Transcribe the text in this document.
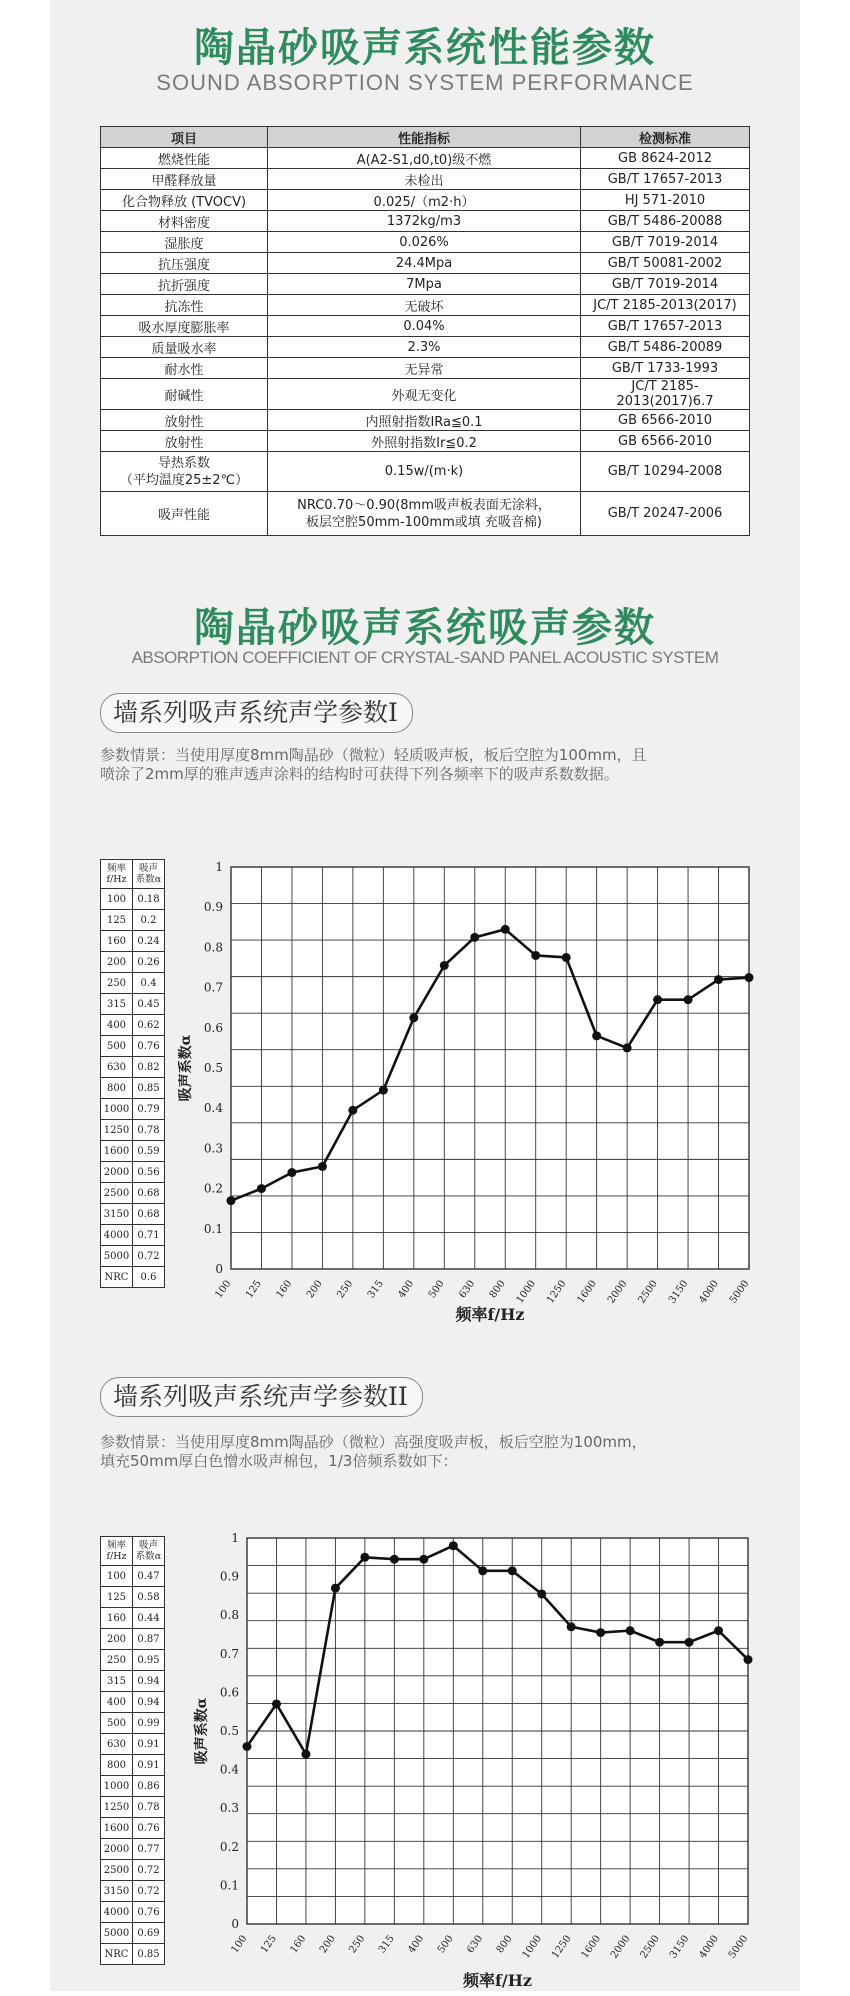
陶晶砂吸声系统性能参数
SOUND ABSORPTION SYSTEM PERFORMANCE
项目	性能指标	检测标准
燃烧性能	A(A2-S1,d0,t0)级不燃	GB 8624-2012
甲醛释放量	未检出	GB/T 17657-2013
化合物释放 (TVOCV)	0.025/（m2·h）	HJ 571-2010
材料密度	1372kg/m3	GB/T 5486-20088
湿胀度	0.026%	GB/T 7019-2014
抗压强度	24.4Mpa	GB/T 50081-2002
抗折强度	7Mpa	GB/T 7019-2014
抗冻性	无破坏	JC/T 2185-2013(2017)
吸水厚度膨胀率	0.04%	GB/T 17657-2013
质量吸水率	2.3%	GB/T 5486-20089
耐水性	无异常	GB/T 1733-1993
耐碱性	外观无变化	JC/T 2185-2013(2017)6.7
放射性	内照射指数IRa≦0.1	GB 6566-2010
放射性	外照射指数Ir≦0.2	GB 6566-2010
导热系数
（平均温度25±2℃）	0.15w/(m·k)	GB/T 10294-2008
吸声性能	NRC0.70～0.90(8mm吸声板表面无涂料，
板层空腔50mm-100mm或填 充吸音棉)	GB/T 20247-2006
陶晶砂吸声系统吸声参数
ABSORPTION COEFFICIENT OF CRYSTAL-SAND PANEL ACOUSTIC SYSTEM
墙系列吸声系统声学参数I
参数情景：当使用厚度8mm陶晶砂（微粒）轻质吸声板，板后空腔为100mm，且喷涂了2mm厚的雅声透声涂料的结构时可获得下列各频率下的吸声系数数据。
频率
f/Hz	吸声
系数α
100	0.18
125	0.2
160	0.24
200	0.26
250	0.4
315	0.45
400	0.62
500	0.76
630	0.82
800	0.85
1000	0.79
1250	0.78
1600	0.59
2000	0.56
2500	0.68
3150	0.68
4000	0.71
5000	0.72
NRC	0.6
0
0.1
0.2
0.3
0.4
0.5
0.6
0.7
0.8
0.9
1
100 125 160 200 250 315 400 500 630 800 1000 1250 1600 2000 2500 3150 4000 5000
频率f/Hz
吸声系数α
墙系列吸声系统声学参数II
参数情景：当使用厚度8mm陶晶砂（微粒）高强度吸声板，板后空腔为100mm，填充50mm厚白色憎水吸声棉包，1/3倍频系数如下：
频率
f/Hz	吸声
系数α
100	0.47
125	0.58
160	0.44
200	0.87
250	0.95
315	0.94
400	0.94
500	0.99
630	0.91
800	0.91
1000	0.86
1250	0.78
1600	0.76
2000	0.77
2500	0.72
3150	0.72
4000	0.76
5000	0.69
NRC	0.85
0
0.1
0.2
0.3
0.4
0.5
0.6
0.7
0.8
0.9
1
100 125 160 200 250 315 400 500 630 800 1000 1250 1600 2000 2500 3150 4000 5000
频率f/Hz
吸声系数α
